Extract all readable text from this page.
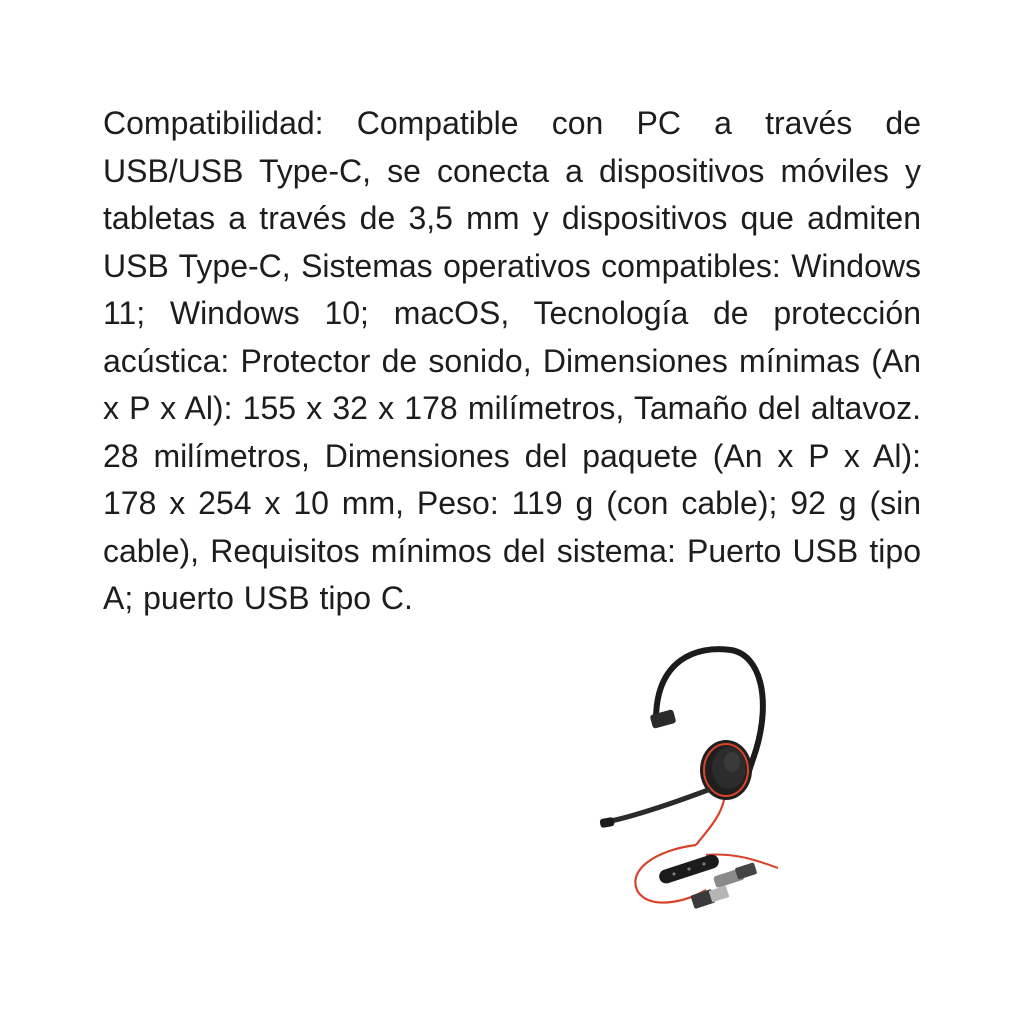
Compatibilidad: Compatible con PC a través de USB/USB Type-C, se conecta a dispositivos móviles y tabletas a través de 3,5 mm y dispositivos que admiten USB Type-C, Sistemas operativos compatibles: Windows 11; Windows 10; macOS, Tecnología de protección acústica: Protector de sonido, Dimensiones mínimas (An x P x Al): 155 x 32 x 178 milímetros, Tamaño del altavoz. 28 milímetros, Dimensiones del paquete (An x P x Al): 178 x 254 x 10 mm, Peso: 119 g (con cable); 92 g (sin cable), Requisitos mínimos del sistema: Puerto USB tipo A; puerto USB tipo C.
